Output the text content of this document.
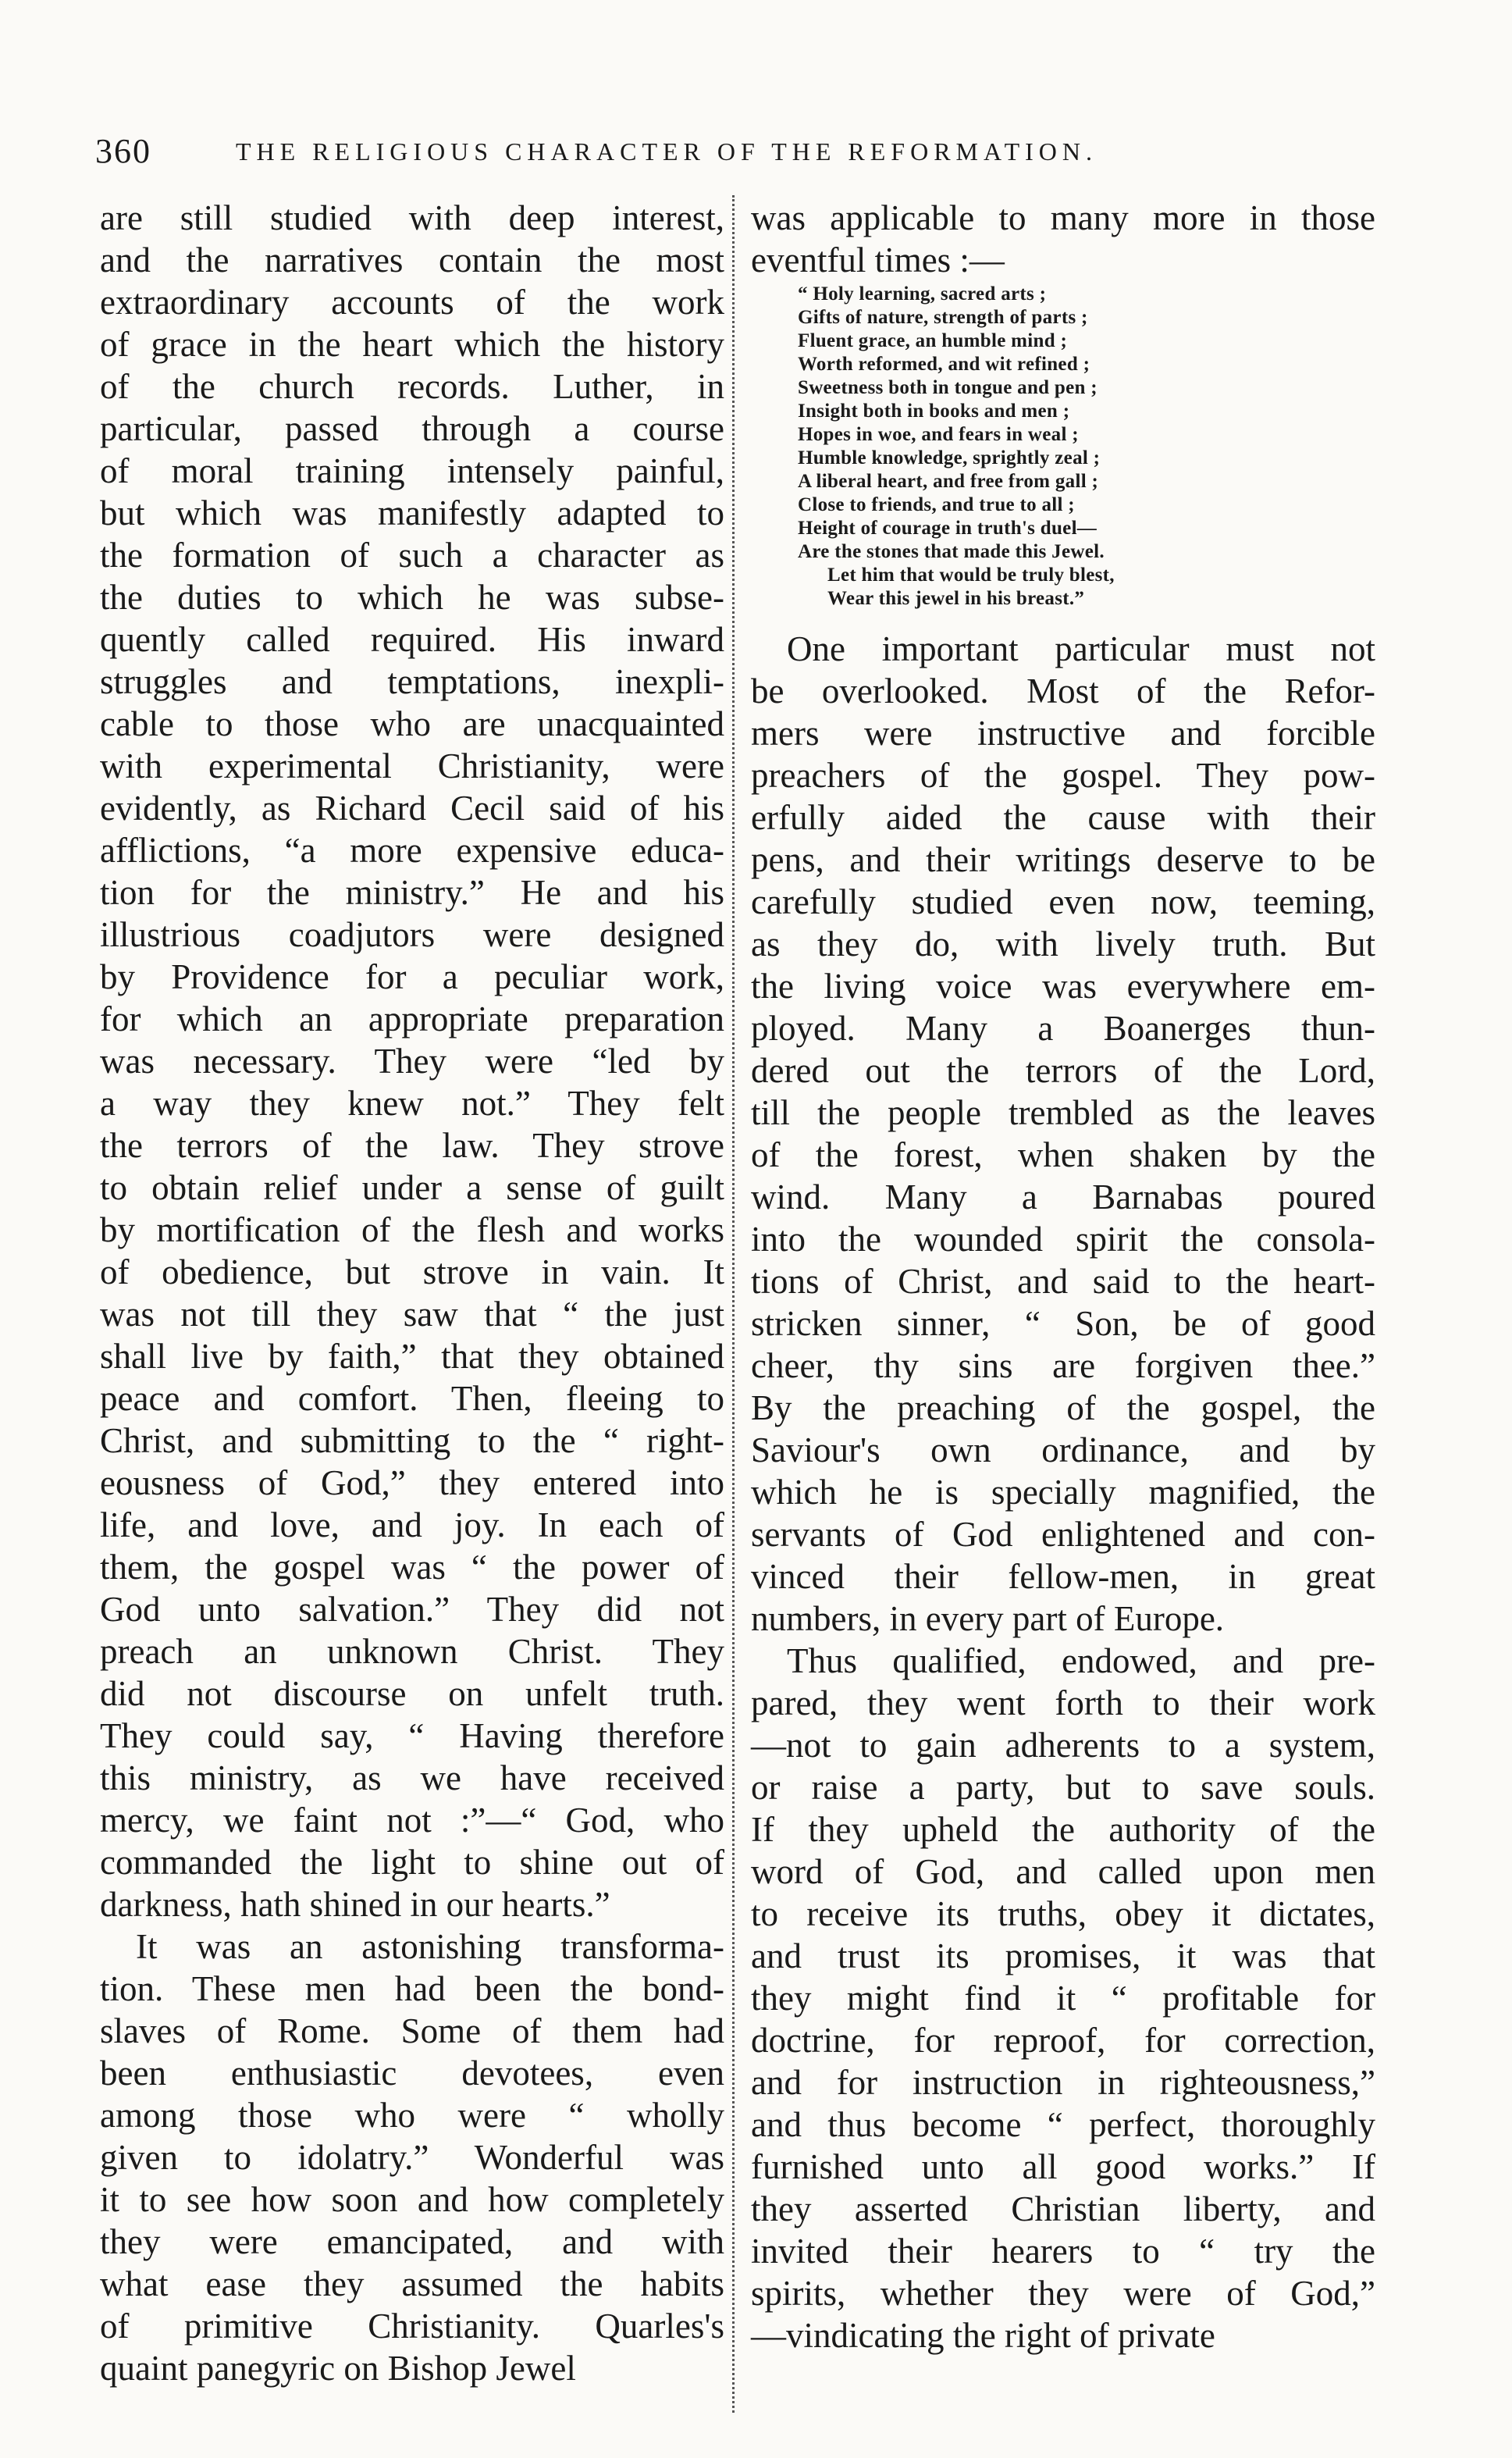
360	THE RELIGIOUS CHARACTER OF THE REFORMATION.
are still studied with deep interest,
and the narratives contain the most
extraordinary accounts of the work
of grace in the heart which the history
of the church records. Luther, in
particular, passed through a course
of moral training intensely painful,
but which was manifestly adapted to
the formation of such a character as
the duties to which he was subse-
quently called required. His inward
struggles and temptations, inexpli-
cable to those who are unacquainted
with experimental Christianity, were
evidently, as Richard Cecil said of his
afflictions, “a more expensive educa-
tion for the ministry.” He and his
illustrious coadjutors were designed
by Providence for a peculiar work,
for which an appropriate preparation
was necessary. They were “led by
a way they knew not.” They felt
the terrors of the law. They strove
to obtain relief under a sense of guilt
by mortification of the flesh and works
of obedience, but strove in vain. It
was not till they saw that “ the just
shall live by faith,” that they obtained
peace and comfort. Then, fleeing to
Christ, and submitting to the “ right-
eousness of God,” they entered into
life, and love, and joy. In each of
them, the gospel was “ the power of
God unto salvation.” They did not
preach an unknown Christ. They
did not discourse on unfelt truth.
They could say, “ Having therefore
this ministry, as we have received
mercy, we faint not :”—“ God, who
commanded the light to shine out of
darkness, hath shined in our hearts.”
It was an astonishing transforma-
tion. These men had been the bond-
slaves of Rome. Some of them had
been enthusiastic devotees, even
among those who were “ wholly
given to idolatry.” Wonderful was
it to see how soon and how completely
they were emancipated, and with
what ease they assumed the habits
of primitive Christianity. Quarles's
quaint panegyric on Bishop Jewel
was applicable to many more in those
eventful times :—
“ Holy learning, sacred arts ;
Gifts of nature, strength of parts ;
Fluent grace, an humble mind ;
Worth reformed, and wit refined ;
Sweetness both in tongue and pen ;
Insight both in books and men ;
Hopes in woe, and fears in weal ;
Humble knowledge, sprightly zeal ;
A liberal heart, and free from gall ;
Close to friends, and true to all ;
Height of courage in truth's duel—
Are the stones that made this Jewel.
Let him that would be truly blest,
Wear this jewel in his breast.”
One important particular must not
be overlooked. Most of the Refor-
mers were instructive and forcible
preachers of the gospel. They pow-
erfully aided the cause with their
pens, and their writings deserve to be
carefully studied even now, teeming,
as they do, with lively truth. But
the living voice was everywhere em-
ployed. Many a Boanerges thun-
dered out the terrors of the Lord,
till the people trembled as the leaves
of the forest, when shaken by the
wind. Many a Barnabas poured
into the wounded spirit the consola-
tions of Christ, and said to the heart-
stricken sinner, “ Son, be of good
cheer, thy sins are forgiven thee.”
By the preaching of the gospel, the
Saviour's own ordinance, and by
which he is specially magnified, the
servants of God enlightened and con-
vinced their fellow-men, in great
numbers, in every part of Europe.
Thus qualified, endowed, and pre-
pared, they went forth to their work
—not to gain adherents to a system,
or raise a party, but to save souls.
If they upheld the authority of the
word of God, and called upon men
to receive its truths, obey it dictates,
and trust its promises, it was that
they might find it “ profitable for
doctrine, for reproof, for correction,
and for instruction in righteousness,”
and thus become “ perfect, thoroughly
furnished unto all good works.” If
they asserted Christian liberty, and
invited their hearers to “ try the
spirits, whether they were of God,”
—vindicating the right of private
